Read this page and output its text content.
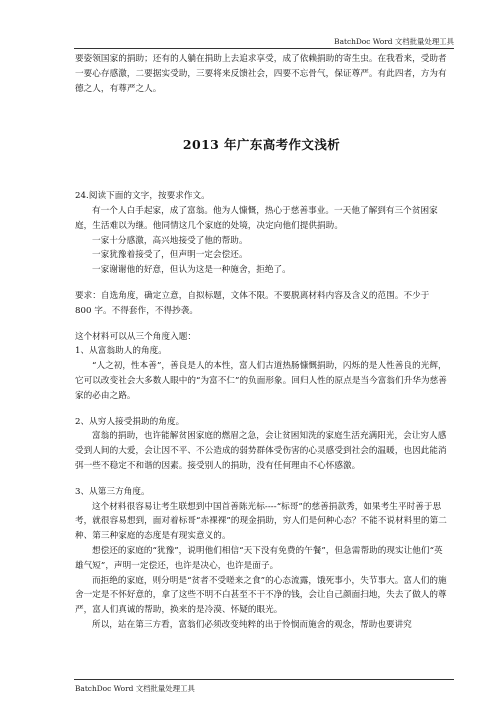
BatchDoc Word 文档批量处理工具

要姿领国家的捐助；还有的人躺在捐助上去追求享受，成了依赖捐助的寄生虫。在我看来，受助者一要心存感激，二要据实受助，三要将来反馈社会，四要不忘骨气，保证尊严。有此四者，方为有德之人，有尊严之人。

2013 年广东高考作文浅析

24.阅读下面的文字，按要求作文。

有一个人白手起家，成了富翁。他为人慷慨，热心于慈善事业。一天他了解到有三个贫困家庭，生活难以为继。他同情这几个家庭的处境，决定向他们提供捐助。

一家十分感激，高兴地接受了他的帮助。

一家犹豫着接受了，但声明一定会偿还。

一家谢谢他的好意，但认为这是一种施舍，拒绝了。

要求：自选角度，确定立意，自拟标题，文体不限。不要脱离材料内容及含义的范围。不少于 800 字。不得套作，不得抄袭。

这个材料可以从三个角度入题：

1、从富翁助人的角度。

“人之初，性本善”，善良是人的本性，富人们古道热肠慷慨捐助，闪烁的是人性善良的光辉，它可以改变社会大多数人眼中的“为富不仁”的负面形象。回归人性的原点是当今富翁们升华为慈善家的必由之路。

2、从穷人接受捐助的角度。

富翁的捐助，也许能解贫困家庭的燃眉之急，会让贫困知洗的家庭生活充满阳光，会让穷人感受到人间的大爱，会让因不平、不公造成的弱势群体受伤害的心灵感受到社会的温暖，也因此能消弭一些不稳定不和谐的因素。接受别人的捐助，没有任何理由不心怀感激。

3、从第三方角度。

这个材料很容易让考生联想到中国首善陈光标----“标哥”的慈善捐款秀，如果考生平时善于思考，就很容易想到，面对着标哥“赤裸裸”的现金捐助，穷人们是何种心态？不能不说材料里的第二种、第三种家庭的态度是有现实意义的。

想偿还的家庭的“犹豫”，说明他们相信“天下没有免费的午餐”，但急需帮助的现实让他们“英雄气短”，声明一定偿还，也许是决心，也许是面子。

而拒绝的家庭，则分明是“贫者不受嗟来之食”的心态流露，饿死事小，失节事大。富人们的施舍一定是不怀好意的，拿了这些不明不白甚至不干不净的钱，会让自己颜面扫地，失去了做人的尊严，富人们真诚的帮助，换来的是冷漠、怀疑的眼光。

所以，站在第三方看，富翁们必须改变纯粹的出于怜悯而施舍的观念，帮助也要讲究

BatchDoc Word 文档批量处理工具
